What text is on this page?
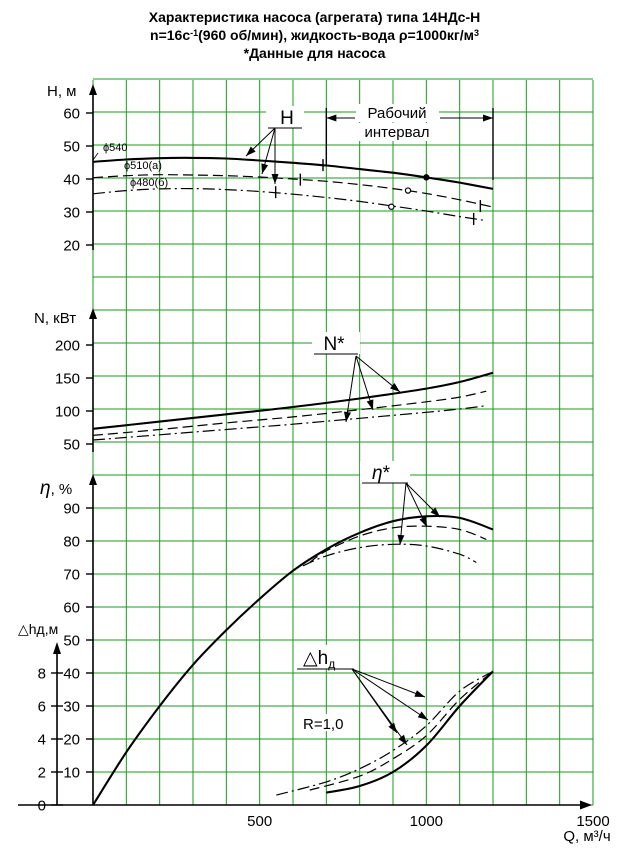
Характеристика насоса (агрегата) типа 14НДс-Н
$n=16с^{-1}(960$ об/мин), жидкость-вода $\rho=1000кг/м^3$
*Данные для насоса
500	1000	1500
Q, м³/ч
20
30
40
50
60
50
100
150
200
10
20
30
40
50
60
70
80
90
0
2
4
6
8
H, м
N, кВт
η, %
△hд,м
ϕ540
ϕ510(а)
ϕ480(б)
Рабочий
интервал
H
N*
η*
$\triangle h_д$
R=1,0
